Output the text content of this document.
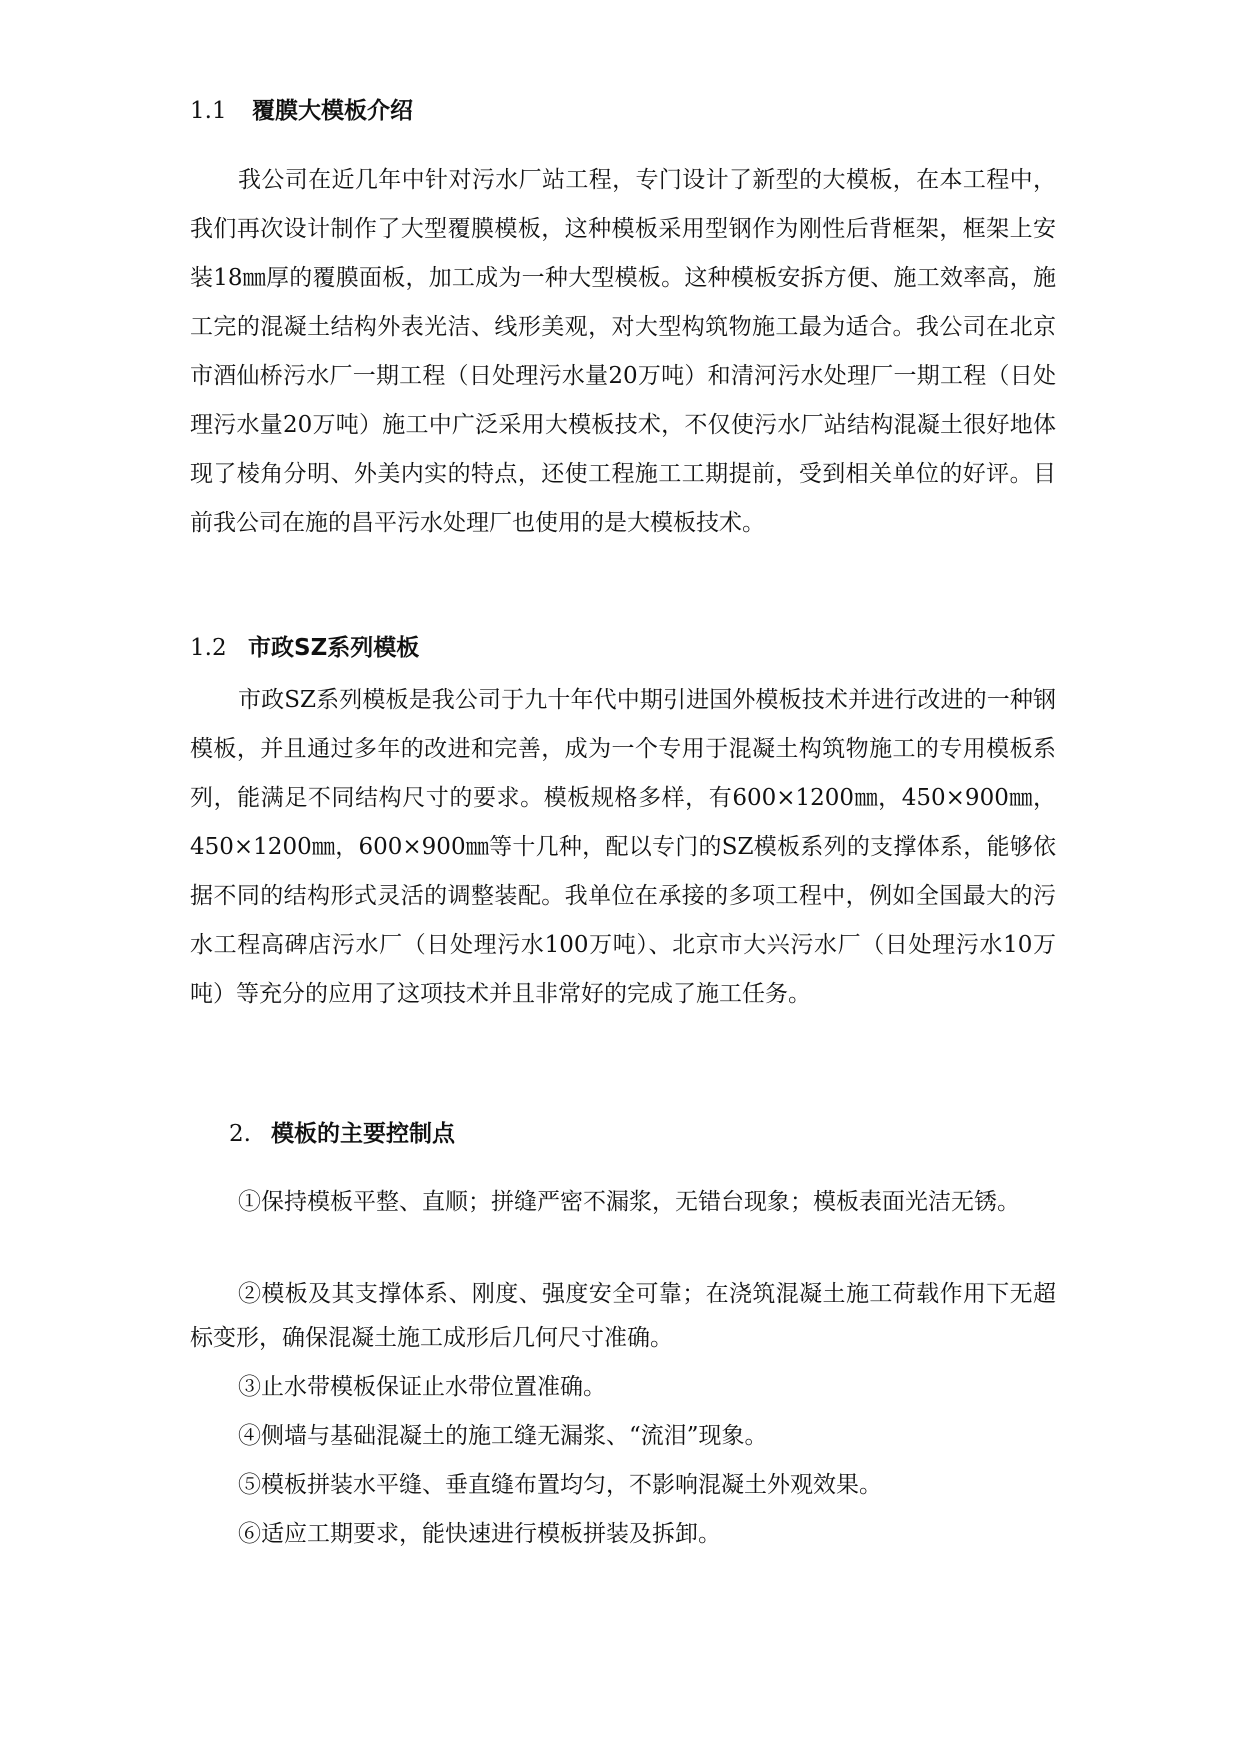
1.1 覆膜大模板介绍

我公司在近几年中针对污水厂站工程，专门设计了新型的大模板，在本工程中，我们再次设计制作了大型覆膜模板，这种模板采用型钢作为刚性后背框架，框架上安装18㎜厚的覆膜面板，加工成为一种大型模板。这种模板安拆方便、施工效率高，施工完的混凝土结构外表光洁、线形美观，对大型构筑物施工最为适合。我公司在北京市酒仙桥污水厂一期工程（日处理污水量20万吨）和清河污水处理厂一期工程（日处理污水量20万吨）施工中广泛采用大模板技术，不仅使污水厂站结构混凝土很好地体现了棱角分明、外美内实的特点，还使工程施工工期提前，受到相关单位的好评。目前我公司在施的昌平污水处理厂也使用的是大模板技术。

1.2 市政SZ系列模板

市政SZ系列模板是我公司于九十年代中期引进国外模板技术并进行改进的一种钢模板，并且通过多年的改进和完善，成为一个专用于混凝土构筑物施工的专用模板系列，能满足不同结构尺寸的要求。模板规格多样，有600×1200㎜，450×900㎜，450×1200㎜，600×900㎜等十几种，配以专门的SZ模板系列的支撑体系，能够依据不同的结构形式灵活的调整装配。我单位在承接的多项工程中，例如全国最大的污水工程高碑店污水厂（日处理污水100万吨）、北京市大兴污水厂（日处理污水10万吨）等充分的应用了这项技术并且非常好的完成了施工任务。

2. 模板的主要控制点

①保持模板平整、直顺；拼缝严密不漏浆，无错台现象；模板表面光洁无锈。

②模板及其支撑体系、刚度、强度安全可靠；在浇筑混凝土施工荷载作用下无超标变形，确保混凝土施工成形后几何尺寸准确。

③止水带模板保证止水带位置准确。

④侧墙与基础混凝土的施工缝无漏浆、“流泪”现象。

⑤模板拼装水平缝、垂直缝布置均匀，不影响混凝土外观效果。

⑥适应工期要求，能快速进行模板拼装及拆卸。
